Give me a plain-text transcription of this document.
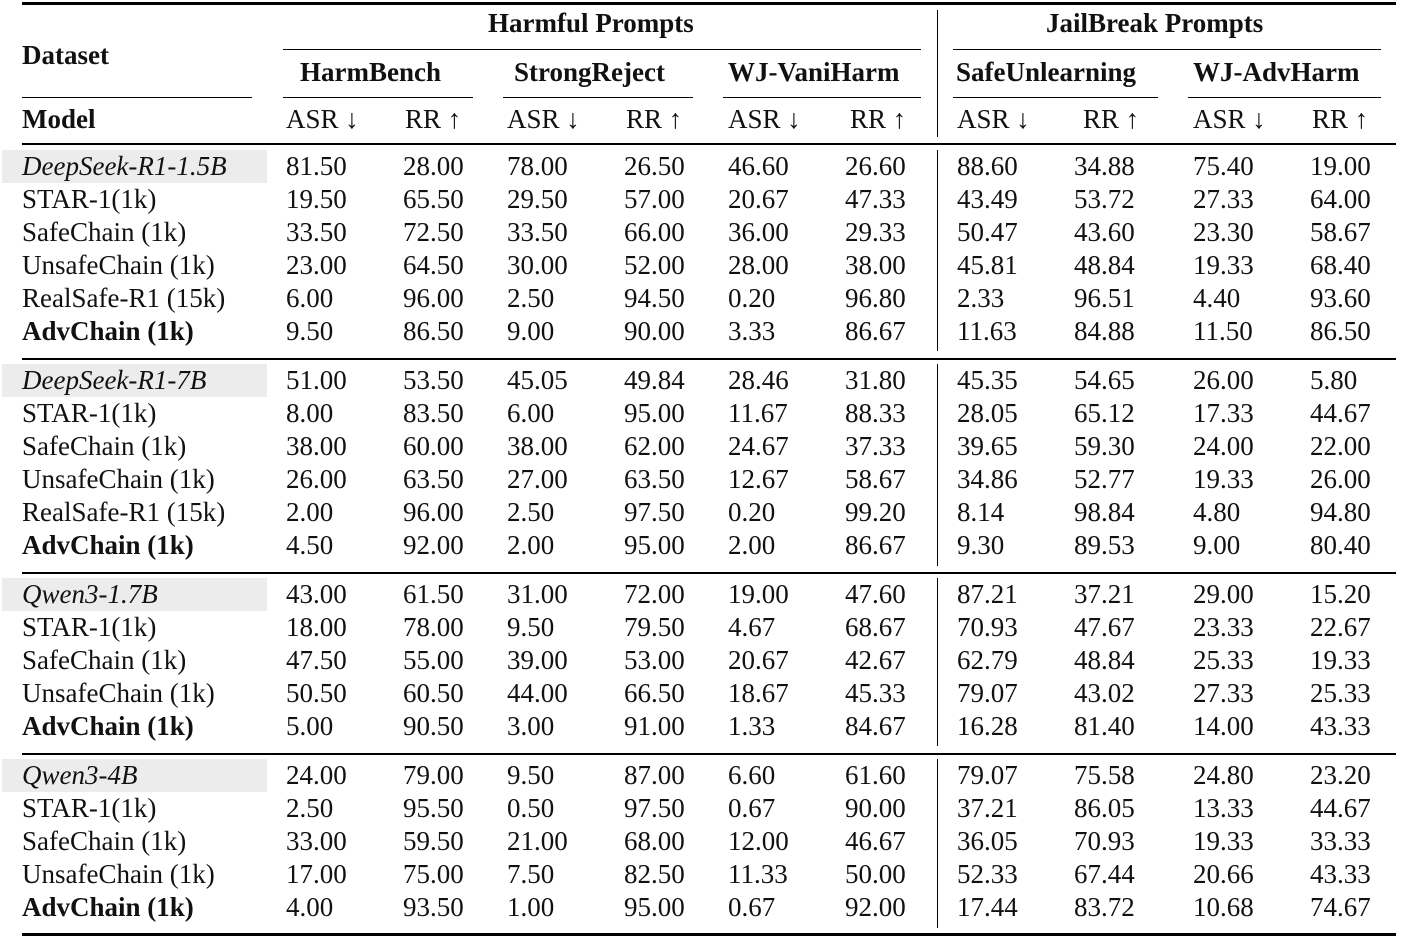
Dataset
Harmful Prompts	JailBreak Prompts
HarmBench	StrongReject WJ-VaniHarm SafeUnlearning WJ-AdvHarm
Model	ASR ↓ RR ↑ ASR ↓ RR ↑ ASR ↓ RR ↑ ASR ↓ RR ↑ ASR ↓ RR ↑
DeepSeek-R1-1.5B 81.50 28.00 78.00 26.50 46.60 26.60 88.60 34.88 75.40 19.00
STAR-1(1k)	19.50 65.50 29.50 57.00 20.67 47.33 43.49 53.72 27.33 64.00
SafeChain (1k)	33.50 72.50 33.50 66.00 36.00 29.33 50.47 43.60 23.30 58.67
UnsafeChain (1k)	23.00 64.50 30.00 52.00 28.00 38.00 45.81 48.84 19.33 68.40
RealSafe-R1 (15k) 6.00	96.00 2.50	94.50 0.20	96.80 2.33	96.51 4.40	93.60
AdvChain (1k)	9.50	86.50 9.00	90.00 3.33	86.67 11.63 84.88 11.50 86.50
DeepSeek-R1-7B	51.00 53.50 45.05 49.84 28.46 31.80 45.35 54.65 26.00 5.80
STAR-1(1k)	8.00	83.50 6.00	95.00 11.67 88.33 28.05 65.12 17.33 44.67
SafeChain (1k)	38.00 60.00 38.00 62.00 24.67 37.33 39.65 59.30 24.00 22.00
UnsafeChain (1k)	26.00 63.50 27.00 63.50 12.67 58.67 34.86 52.77 19.33 26.00
RealSafe-R1 (15k) 2.00	96.00 2.50	97.50 0.20	99.20 8.14	98.84 4.80	94.80
AdvChain (1k)	4.50	92.00 2.00	95.00 2.00	86.67 9.30	89.53 9.00	80.40
Qwen3-1.7B	43.00 61.50 31.00 72.00 19.00 47.60 87.21 37.21 29.00 15.20
STAR-1(1k)	18.00 78.00 9.50	79.50 4.67	68.67 70.93 47.67 23.33 22.67
SafeChain (1k)	47.50 55.00 39.00 53.00 20.67 42.67 62.79 48.84 25.33 19.33
UnsafeChain (1k)	50.50 60.50 44.00 66.50 18.67 45.33 79.07 43.02 27.33 25.33
AdvChain (1k)	5.00	90.50 3.00	91.00 1.33	84.67 16.28 81.40 14.00 43.33
Qwen3-4B	24.00 79.00 9.50	87.00 6.60	61.60 79.07 75.58 24.80 23.20
STAR-1(1k)	2.50	95.50 0.50	97.50 0.67	90.00 37.21 86.05 13.33 44.67
SafeChain (1k)	33.00 59.50 21.00 68.00 12.00 46.67 36.05 70.93 19.33 33.33
UnsafeChain (1k)	17.00 75.00 7.50	82.50 11.33 50.00 52.33 67.44 20.66 43.33
AdvChain (1k)	4.00	93.50 1.00	95.00 0.67	92.00 17.44 83.72 10.68 74.67
